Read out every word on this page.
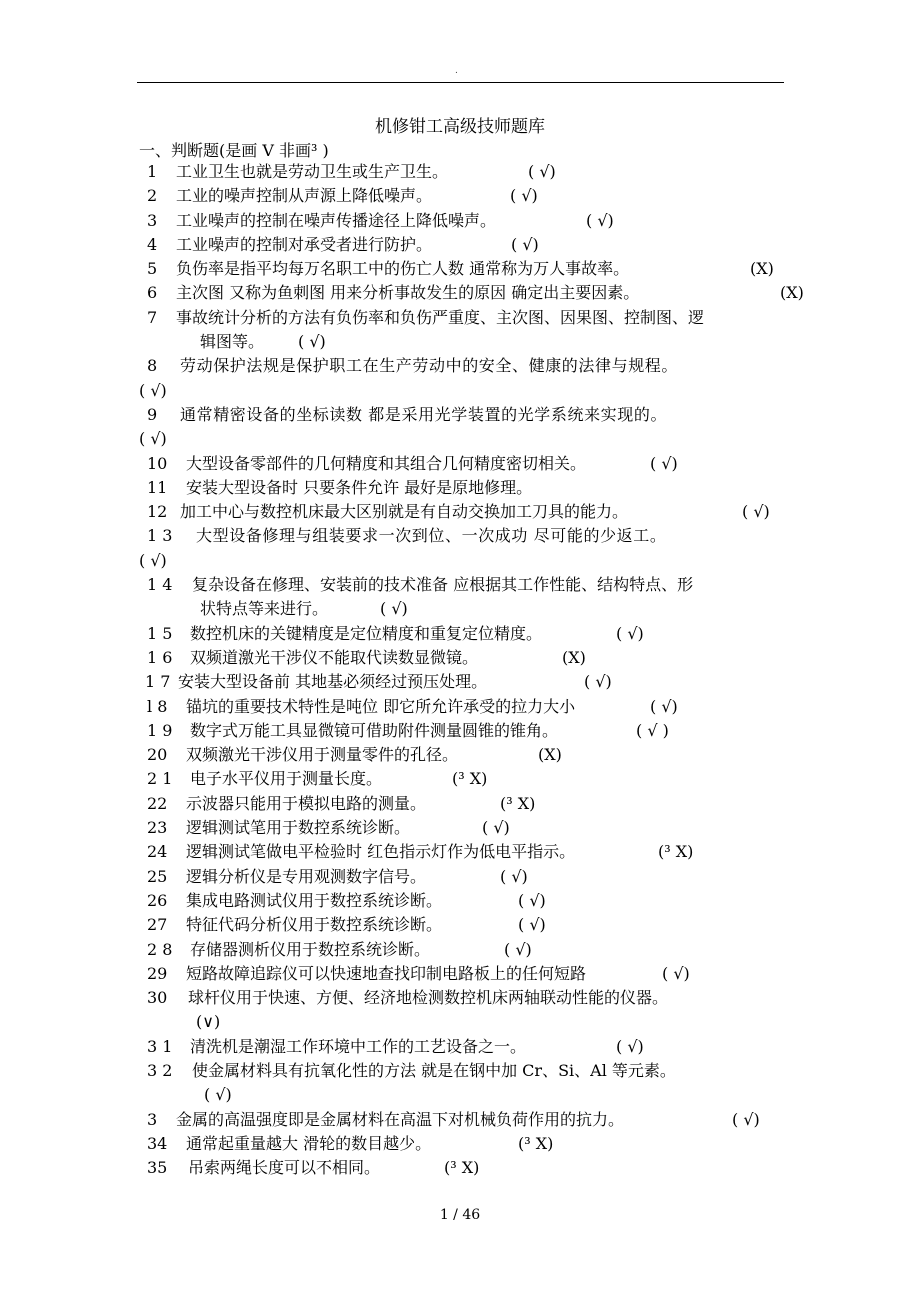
.
机修钳工高级技师题库
一、判断题(是画 V 非画³ )
1 工业卫生也就是劳动卫生或生产卫生。	( √)

2 工业的噪声控制从声源上降低噪声。	( √)

3 工业噪声的控制在噪声传播途径上降低噪声。	( √)

4 工业噪声的控制对承受者进行防护。	( √)

5 负伤率是指平均每万名职工中的伤亡人数 通常称为万人事故率。	(X)

6 主次图 又称为鱼刺图 用来分析事故发生的原因 确定出主要因素。	(X)

7 事故统计分析的方法有负伤率和负伤严重度、主次图、因果图、控制图、逻

辑图等。 ( √)

8 劳动保护法规是保护职工在生产劳动中的安全、健康的法律与规程。

( √)

9 通常精密设备的坐标读数 都是采用光学装置的光学系统来实现的。

( √)

10 大型设备零部件的几何精度和其组合几何精度密切相关。	( √)

11 安装大型设备时 只要条件允许 最好是原地修理。

12 加工中心与数控机床最大区别就是有自动交换加工刀具的能力。	( √)

1 3 大型设备修理与组装要求一次到位、一次成功 尽可能的少返工。

( √)

1 4 复杂设备在修理、安装前的技术准备 应根据其工作性能、结构特点、形

状特点等来进行。	( √)

1 5 数控机床的关键精度是定位精度和重复定位精度。	( √)

1 6 双频道激光干涉仪不能取代读数显微镜。	(X)

1 7 安装大型设备前 其地基必须经过预压处理。	( √)

l 8 锚坑的重要技术特性是吨位 即它所允许承受的拉力大小	( √)

1 9 数字式万能工具显微镜可借助附件测量圆锥的锥角。	( √ )

20 双频激光干涉仪用于测量零件的孔径。	(X)

2 1 电子水平仪用于测量长度。	(³ X)

22 示波器只能用于模拟电路的测量。	(³ X)

23 逻辑测试笔用于数控系统诊断。	( √)

24 逻辑测试笔做电平检验时 红色指示灯作为低电平指示。	(³ X)

25 逻辑分析仪是专用观测数字信号。	( √)

26 集成电路测试仪用于数控系统诊断。	( √)

27 特征代码分析仪用于数控系统诊断。	( √)

2 8 存储器测析仪用于数控系统诊断。	( √)

29 短路故障追踪仪可以快速地查找印制电路板上的任何短路	( √)

30 球杆仪用于快速、方便、经济地检测数控机床两轴联动性能的仪器。

(∨)

3 1 清洗机是潮湿工作环境中工作的工艺设备之一。	( √)

3 2 使金属材料具有抗氧化性的方法 就是在钢中加 Cr、Si、Al 等元素。

( √)

3 金属的高温强度即是金属材料在高温下对机械负荷作用的抗力。	( √)

34 通常起重量越大 滑轮的数目越少。	(³ X)

35 吊索两绳长度可以不相同。	(³ X)

1 / 46
